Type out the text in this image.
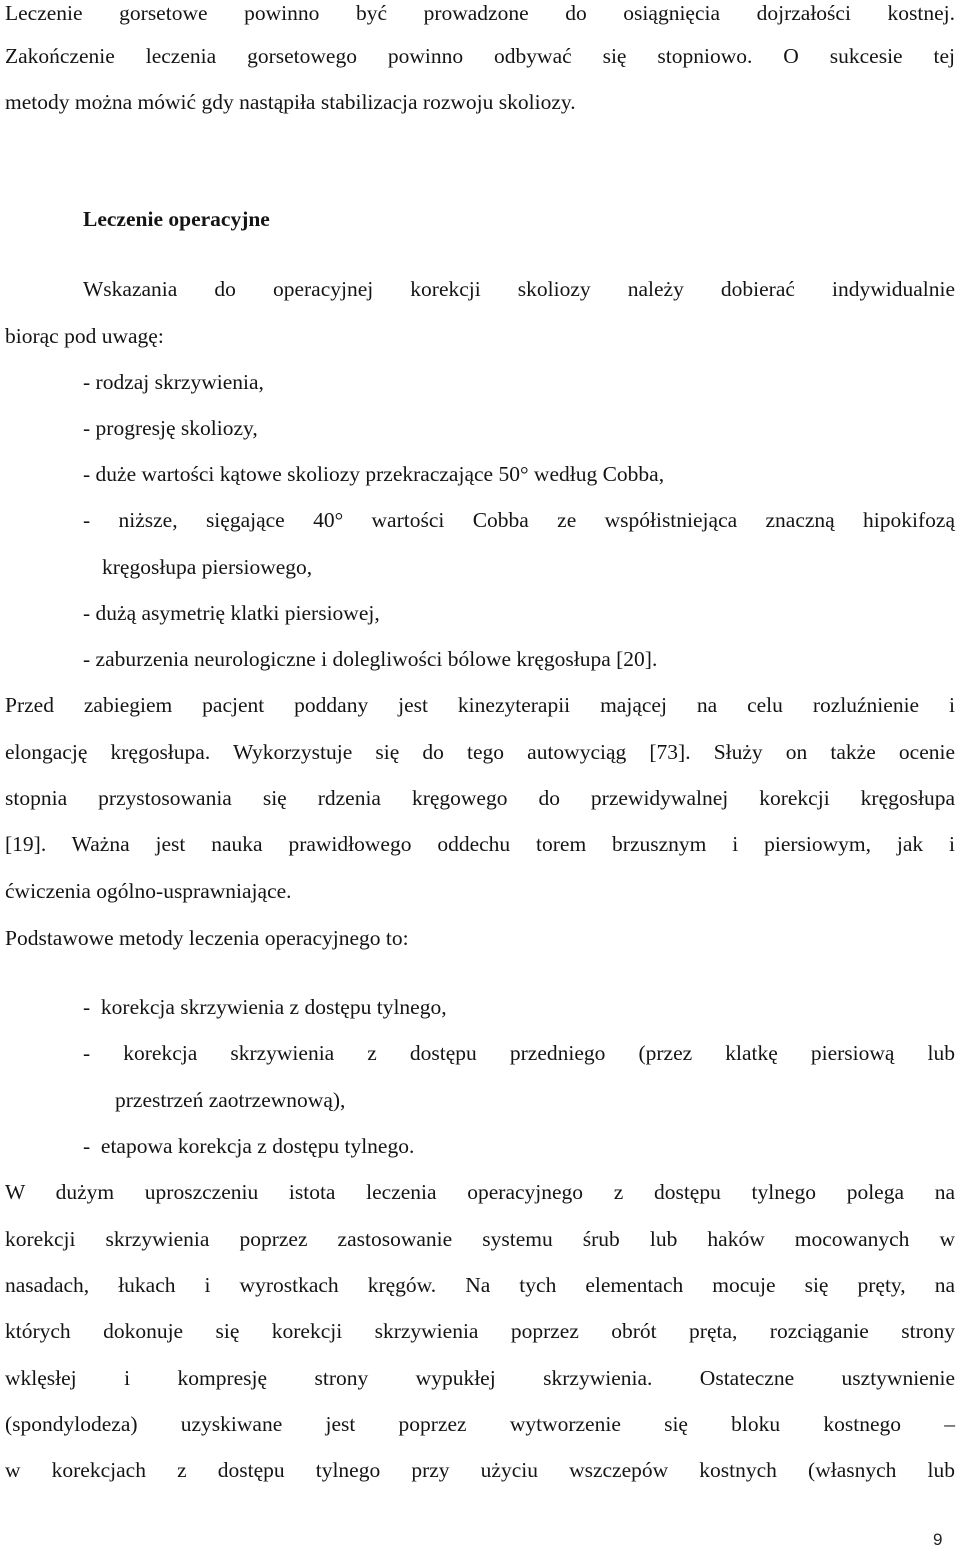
Leczenie gorsetowe powinno być prowadzone do osiągnięcia dojrzałości kostnej.

Zakończenie leczenia gorsetowego powinno odbywać się stopniowo. O sukcesie tej

metody można mówić gdy nastąpiła stabilizacja rozwoju skoliozy.

Leczenie operacyjne

Wskazania do operacyjnej korekcji skoliozy należy dobierać indywidualnie

biorąc pod uwagę:

- rodzaj skrzywienia,

- progresję skoliozy,

- duże wartości kątowe skoliozy przekraczające 50° według Cobba,

- niższe, sięgające 40° wartości Cobba ze współistniejąca znaczną hipokifozą

kręgosłupa piersiowego,

- dużą asymetrię klatki piersiowej,

- zaburzenia neurologiczne i dolegliwości bólowe kręgosłupa [20].

Przed zabiegiem pacjent poddany jest kinezyterapii mającej na celu rozluźnienie i

elongację kręgosłupa. Wykorzystuje się do tego autowyciąg [73]. Służy on także ocenie

stopnia przystosowania się rdzenia kręgowego do przewidywalnej korekcji kręgosłupa

[19]. Ważna jest nauka prawidłowego oddechu torem brzusznym i piersiowym, jak i

ćwiczenia ogólno-usprawniające.

Podstawowe metody leczenia operacyjnego to:

-  korekcja skrzywienia z dostępu tylnego,

- korekcja skrzywienia z dostępu przedniego (przez klatkę piersiową lub

przestrzeń zaotrzewnową),

-  etapowa korekcja z dostępu tylnego.

W dużym uproszczeniu istota leczenia operacyjnego z dostępu tylnego polega na

korekcji skrzywienia poprzez zastosowanie systemu śrub lub haków mocowanych w

nasadach, łukach i wyrostkach kręgów. Na tych elementach mocuje się pręty, na

których dokonuje się korekcji skrzywienia poprzez obrót pręta, rozciąganie strony

wklęsłej i kompresję strony wypukłej skrzywienia. Ostateczne usztywnienie

(spondylodeza) uzyskiwane jest poprzez wytworzenie się bloku kostnego –

w korekcjach z dostępu tylnego przy użyciu wszczepów kostnych (własnych lub

9
